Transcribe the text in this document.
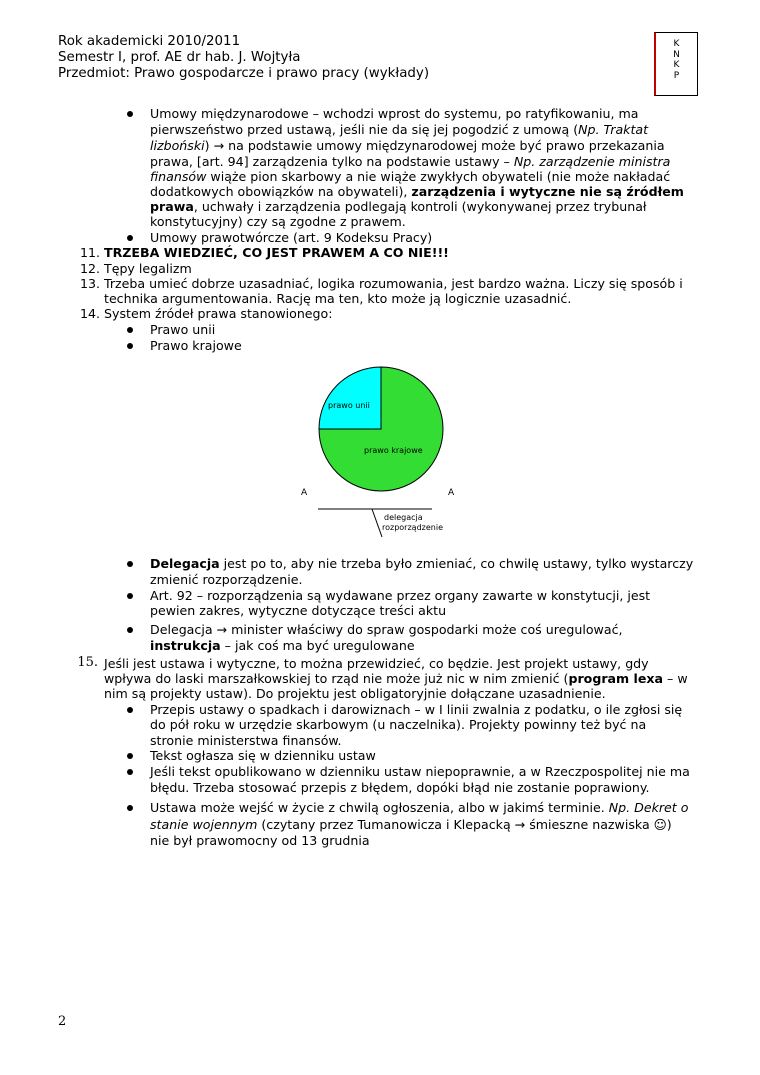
Rok akademicki 2010/2011
Semestr I, prof. AE dr hab. J. Wojtyła
Przedmiot: Prawo gospodarcze i prawo pracy (wykłady)
K
N
K
P
Umowy międzynarodowe – wchodzi wprost do systemu, po ratyfikowaniu, ma
pierwszeństwo przed ustawą, jeśli nie da się jej pogodzić z umową (Np. Traktat
lizboński) → na podstawie umowy międzynarodowej może być prawo przekazania
prawa, [art. 94] zarządzenia tylko na podstawie ustawy – Np. zarządzenie ministra
finansów wiąże pion skarbowy a nie wiąże zwykłych obywateli (nie może nakładać
dodatkowych obowiązków na obywateli), zarządzenia i wytyczne nie są źródłem
prawa, uchwały i zarządzenia podlegają kontroli (wykonywanej przez trybunał
konstytucyjny) czy są zgodne z prawem.
Umowy prawotwórcze (art. 9 Kodeksu Pracy)
11. TRZEBA WIEDZIEĆ, CO JEST PRAWEM A CO NIE!!!
12. Tępy legalizm
13. Trzeba umieć dobrze uzasadniać, logika rozumowania, jest bardzo ważna. Liczy się sposób i
technika argumentowania. Rację ma ten, kto może ją logicznie uzasadnić.
14. System źródeł prawa stanowionego:
Prawo unii
Prawo krajowe
prawo unii
prawo krajowe
A	A
delegacja
rozporządzenie
Delegacja jest po to, aby nie trzeba było zmieniać, co chwilę ustawy, tylko wystarczy
zmienić rozporządzenie.
Art. 92 – rozporządzenia są wydawane przez organy zawarte w konstytucji, jest
pewien zakres, wytyczne dotyczące treści aktu
Delegacja → minister właściwy do spraw gospodarki może coś uregulować,
instrukcja – jak coś ma być uregulowane
15. Jeśli jest ustawa i wytyczne, to można przewidzieć, co będzie. Jest projekt ustawy, gdy
wpływa do laski marszałkowskiej to rząd nie może już nic w nim zmienić (program lexa – w
nim są projekty ustaw). Do projektu jest obligatoryjnie dołączane uzasadnienie.
Przepis ustawy o spadkach i darowiznach – w I linii zwalnia z podatku, o ile zgłosi się
do pół roku w urzędzie skarbowym (u naczelnika). Projekty powinny też być na
stronie ministerstwa finansów.
Tekst ogłasza się w dzienniku ustaw
Jeśli tekst opublikowano w dzienniku ustaw niepoprawnie, a w Rzeczpospolitej nie ma
błędu. Trzeba stosować przepis z błędem, dopóki błąd nie zostanie poprawiony.
Ustawa może wejść w życie z chwilą ogłoszenia, albo w jakimś terminie. Np. Dekret o
stanie wojennym (czytany przez Tumanowicza i Klepacką → śmieszne nazwiska ☺)
nie był prawomocny od 13 grudnia
2
